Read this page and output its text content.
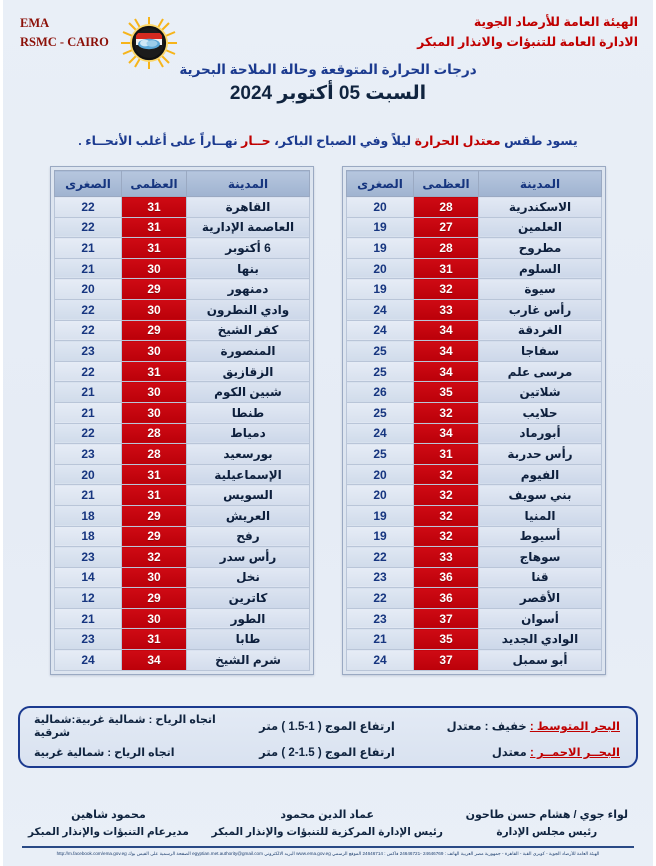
EMA
RSMC - CAIRO
الهيئة العامة للأرصاد الجوية
الادارة العامة للتنبؤات والانذار المبكر
درجات الحرارة المتوقعة وحالة الملاحة البحرية
السبت 05 أكتوبر 2024
يسود طقس معتدل الحرارة ليلاً وفي الصباح الباكر، حــار نهــاراً على أغلب الأنحــاء .
المدينة	العظمى	الصغرى
القاهرة	31	22
العاصمة الإدارية	31	22
6 أكتوبر	31	21
بنها	30	21
دمنهور	29	20
وادي النطرون	30	22
كفر الشيخ	29	22
المنصورة	30	23
الزقازيق	31	22
شبين الكوم	30	21
طنطا	30	21
دمياط	28	22
بورسعيد	28	23
الإسماعيلية	31	20
السويس	31	21
العريش	29	18
رفح	29	18
رأس سدر	32	23
نخل	30	14
كاترين	29	12
الطور	30	21
طابا	31	23
شرم الشيخ	34	24
المدينة	العظمى	الصغرى
الاسكندرية	28	20
العلمين	27	19
مطروح	28	19
السلوم	31	20
سيوة	32	19
رأس غارب	33	24
الغردقة	34	24
سفاجا	34	25
مرسى علم	34	25
شلاتين	35	26
حلايب	32	25
أبورماد	34	24
رأس حدربة	31	25
الفيوم	32	20
بني سويف	32	20
المنيا	32	19
أسيوط	32	19
سوهاج	33	22
قنا	36	23
الأقصر	36	22
أسوان	37	23
الوادي الجديد	35	21
أبو سمبل	37	24
البحر المتوسط : خفيف : معتدل
ارتفاع الموج ( 1-1.5 ) متر
اتجاه الرياح : شمالية غربية:شمالية شرقية
البحــر الاحمــر : معتدل
ارتفاع الموج ( 1.5-2 ) متر
اتجاه الرياح : شمالية غربية
محمود شاهين
مديرعام التنبؤات والإنذار المبكر
عماد الدين محمود
رئيس الإدارة المركزية للتنبؤات والإنذار المبكر
لواء جوي / هشام حسن طاحون
رئيس مجلس الإدارة
الهيئة العامة للأرصاد الجوية - كوبري القبة - القاهرة - جمهورية مصر العربية الهاتف : 24646769 -24646721 فاكس : 24646714 الموقع الرسمي www.ema.gov.eg البريد الالكتروني egyptian.met.authority@gmail.com الصفحة الرسمية على الفيس بوك http://m.facebook.com/ema.gov.eg
